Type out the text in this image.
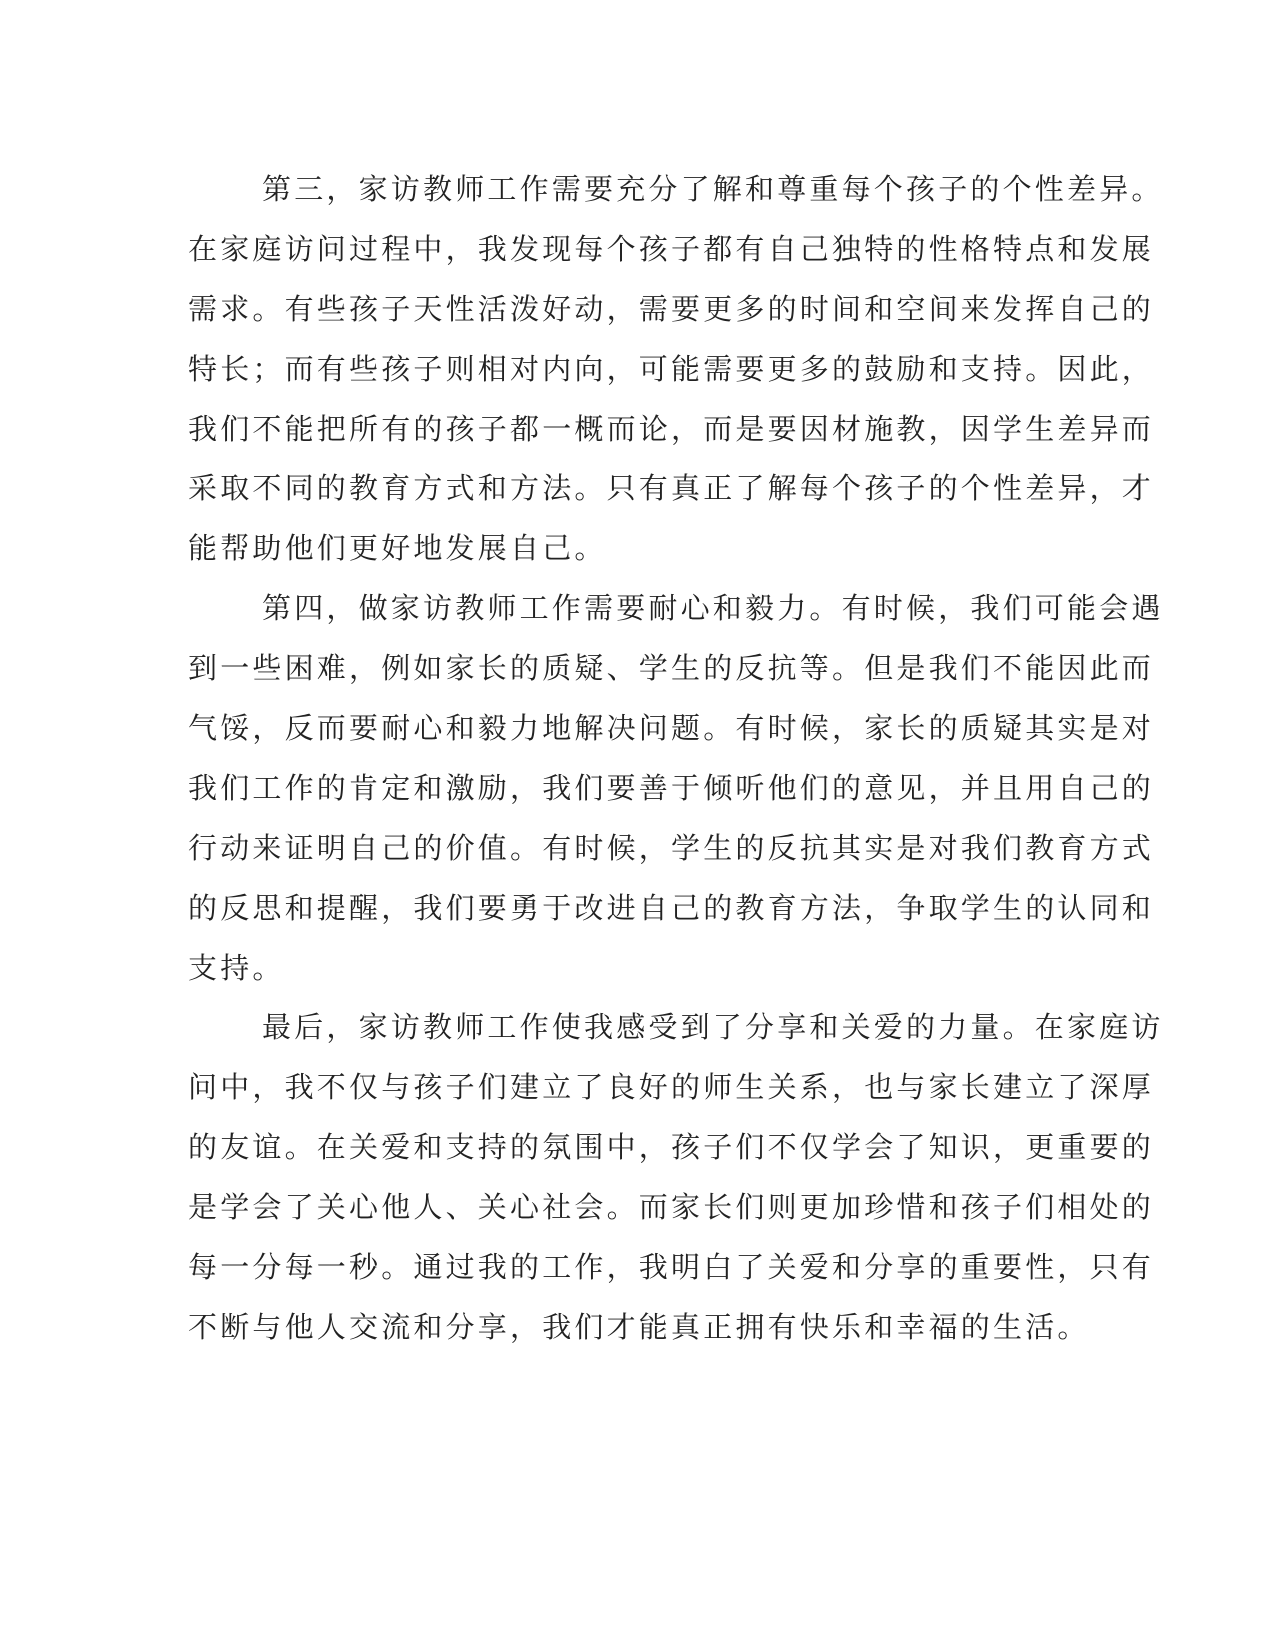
第三，家访教师工作需要充分了解和尊重每个孩子的个性差异。
在家庭访问过程中，我发现每个孩子都有自己独特的性格特点和发展
需求。有些孩子天性活泼好动，需要更多的时间和空间来发挥自己的
特长；而有些孩子则相对内向，可能需要更多的鼓励和支持。因此，
我们不能把所有的孩子都一概而论，而是要因材施教，因学生差异而
采取不同的教育方式和方法。只有真正了解每个孩子的个性差异，才
能帮助他们更好地发展自己。
第四，做家访教师工作需要耐心和毅力。有时候，我们可能会遇
到一些困难，例如家长的质疑、学生的反抗等。但是我们不能因此而
气馁，反而要耐心和毅力地解决问题。有时候，家长的质疑其实是对
我们工作的肯定和激励，我们要善于倾听他们的意见，并且用自己的
行动来证明自己的价值。有时候，学生的反抗其实是对我们教育方式
的反思和提醒，我们要勇于改进自己的教育方法，争取学生的认同和
支持。
最后，家访教师工作使我感受到了分享和关爱的力量。在家庭访
问中，我不仅与孩子们建立了良好的师生关系，也与家长建立了深厚
的友谊。在关爱和支持的氛围中，孩子们不仅学会了知识，更重要的
是学会了关心他人、关心社会。而家长们则更加珍惜和孩子们相处的
每一分每一秒。通过我的工作，我明白了关爱和分享的重要性，只有
不断与他人交流和分享，我们才能真正拥有快乐和幸福的生活。
